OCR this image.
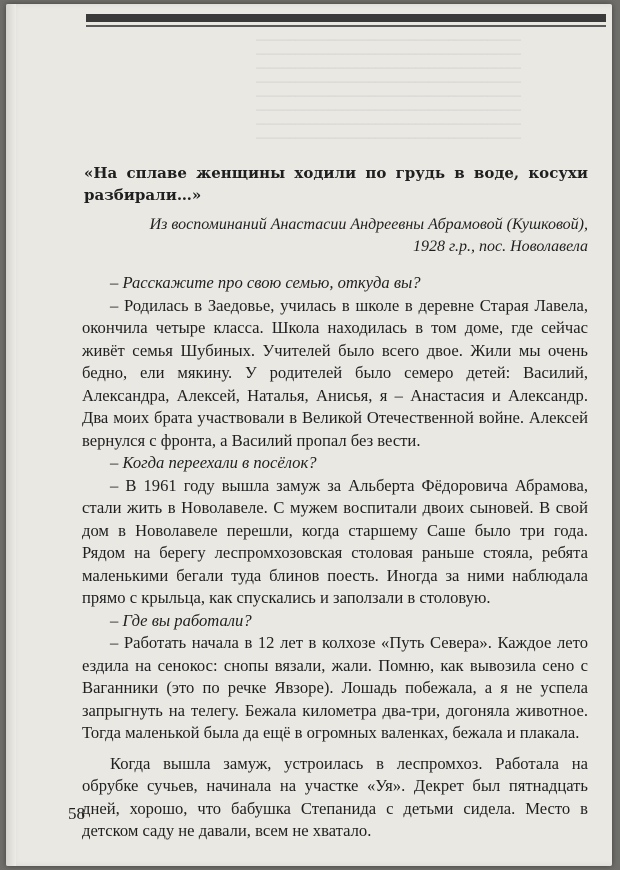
────────────────────────────────────────
────────────────────────────────────────
────────────────────────────────────────
────────────────────────────────────────
────────────────────────────────────────
────────────────────────────────────────
────────────────────────────────────────
────────────────────────────────────────
«На сплаве женщины ходили по грудь в воде, косухи разбирали…»
Из воспоминаний Анастасии Андреевны Абрамовой (Кушковой),
1928 г.р., пос. Новолавела

– Расскажите про свою семью, откуда вы?

– Родилась в Заедовье, училась в школе в деревне Старая Лавела, окончила четыре класса. Школа находилась в том доме, где сейчас живёт семья Шубиных. Учителей было всего двое. Жили мы очень бедно, ели мякину. У родителей было семеро детей: Василий, Александра, Алексей, Наталья, Анисья, я – Анастасия и Александр. Два моих брата участвовали в Великой Отечественной войне. Алексей вернулся с фронта, а Василий пропал без вести.

– Когда переехали в посёлок?

– В 1961 году вышла замуж за Альберта Фёдоровича Абрамова, стали жить в Новолавеле. С мужем воспитали двоих сыновей. В свой дом в Новолавеле перешли, когда старшему Саше было три года. Рядом на берегу леспромхозовская столовая раньше стояла, ребята маленькими бегали туда блинов поесть. Иногда за ними наблюдала прямо с крыльца, как спускались и заползали в столовую.

– Где вы работали?

– Работать начала в 12 лет в колхозе «Путь Севера». Каждое лето ездила на сенокос: снопы вязали, жали. Помню, как вывозила сено с Ваганники (это по речке Явзоре). Лошадь побежала, а я не успела запрыгнуть на телегу. Бежала километра два-три, догоняла животное. Тогда маленькой была да ещё в огромных валенках, бежала и плакала.

Когда вышла замуж, устроилась в леспромхоз. Работала на обрубке сучьев, начинала на участке «Уя». Декрет был пятнадцать дней, хорошо, что бабушка Степанида с детьми сидела. Место в детском саду не давали, всем не хватало.

58
